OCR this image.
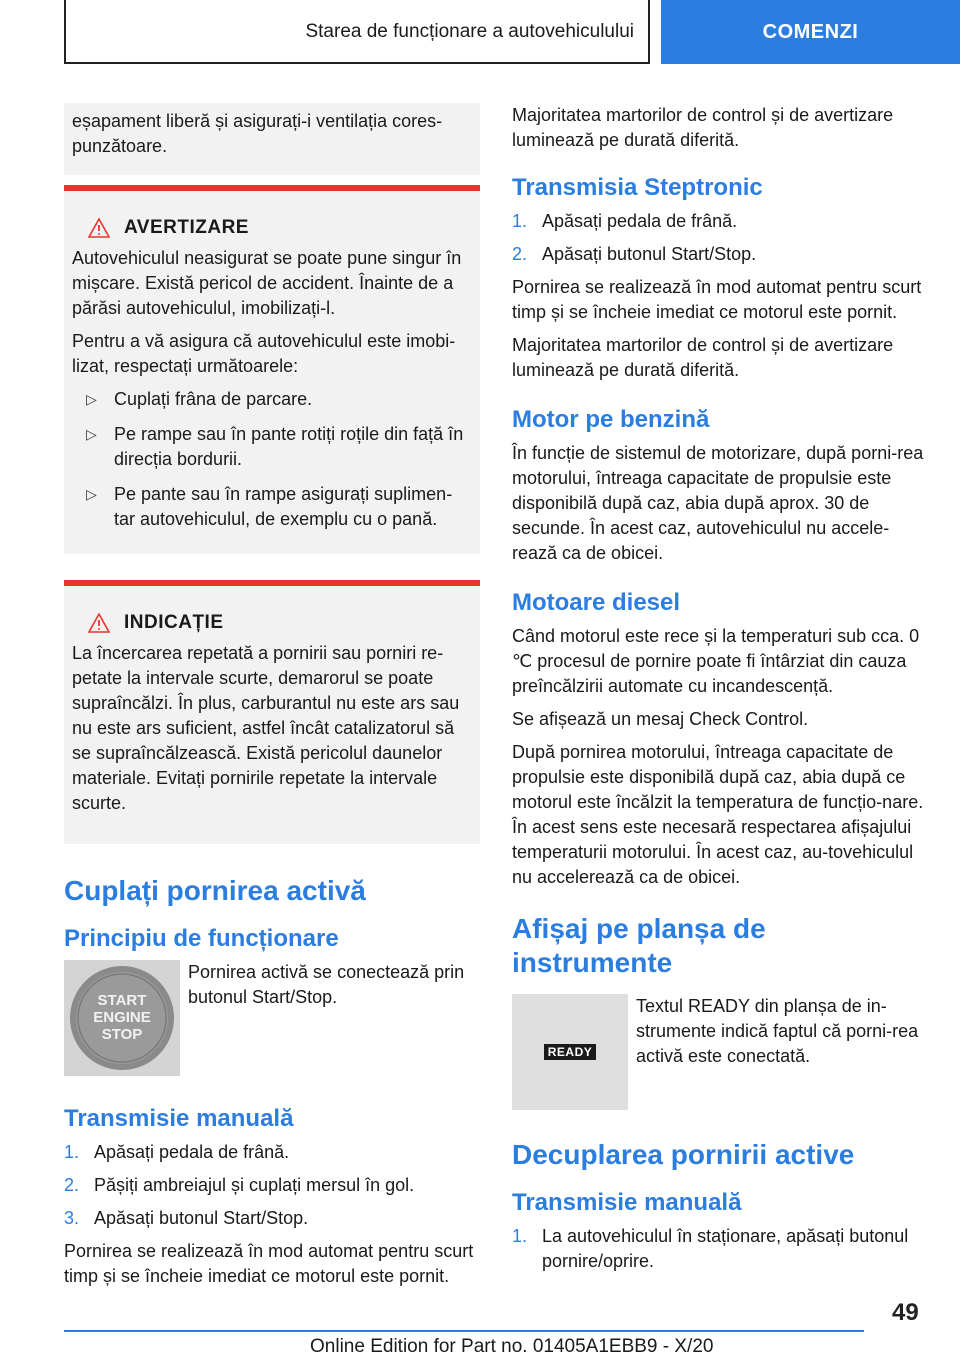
Starea de funcționare a autovehiculului	COMENZI

eșapament liberă și asigurați-i ventilația cores-punzătoare.

AVERTIZARE

Autovehiculul neasigurat se poate pune singur în mișcare. Există pericol de accident. Înainte de a părăsi autovehiculul, imobilizați-l.

Pentru a vă asigura că autovehiculul este imobi-lizat, respectați următoarele:

▷ Cuplați frâna de parcare.
▷ Pe rampe sau în pante rotiți roțile din față în direcția bordurii.
▷ Pe pante sau în rampe asigurați suplimen-tar autovehiculul, de exemplu cu o pană.
INDICAȚIE

La încercarea repetată a pornirii sau porniri re-petate la intervale scurte, demarorul se poate supraîncălzi. În plus, carburantul nu este ars sau nu este ars suficient, astfel încât catalizatorul să se supraîncălzească. Există pericolul daunelor materiale. Evitați pornirile repetate la intervale scurte.

Cuplați pornirea activă
Principiu de funcționare
START
ENGINE
STOP

Pornirea activă se conectează prin butonul Start/Stop.

Transmisie manuală
1. Apăsați pedala de frână.
2. Pășiți ambreiajul și cuplați mersul în gol.
3. Apăsați butonul Start/Stop.

Pornirea se realizează în mod automat pentru scurt timp și se încheie imediat ce motorul este pornit.

Majoritatea martorilor de control și de avertizare luminează pe durată diferită.

Transmisia Steptronic
1. Apăsați pedala de frână.
2. Apăsați butonul Start/Stop.

Pornirea se realizează în mod automat pentru scurt timp și se încheie imediat ce motorul este pornit.

Majoritatea martorilor de control și de avertizare luminează pe durată diferită.

Motor pe benzină

În funcție de sistemul de motorizare, după porni-rea motorului, întreaga capacitate de propulsie este disponibilă după caz, abia după aprox. 30 de secunde. În acest caz, autovehiculul nu accele-rează ca de obicei.

Motoare diesel

Când motorul este rece și la temperaturi sub cca. 0 ℃ procesul de pornire poate fi întârziat din cauza preîncălzirii automate cu incandescență.

Se afișează un mesaj Check Control.

După pornirea motorului, întreaga capacitate de propulsie este disponibilă după caz, abia după ce motorul este încălzit la temperatura de funcțio-nare. În acest sens este necesară respectarea afișajului temperaturii motorului. În acest caz, au-tovehiculul nu accelerează ca de obicei.

Afișaj pe planșa de instrumente
READY

Textul READY din planșa de in-strumente indică faptul că porni-rea activă este conectată.

Decuplarea pornirii active
Transmisie manuală
1. La autovehiculul în staționare, apăsați butonul pornire/oprire.
49
Online Edition for Part no. 01405A1EBB9 - X/20
